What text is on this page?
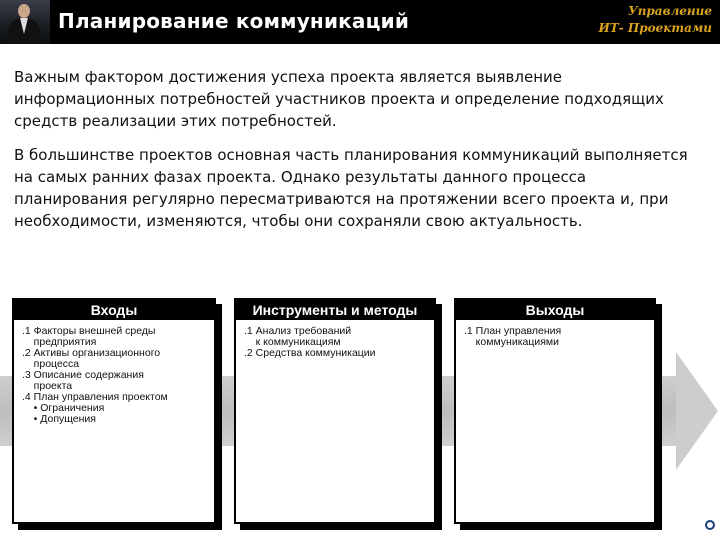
Планирование коммуникаций	Управление
ИТ- Проектами

Важным фактором достижения успеха проекта является выявление информационных потребностей участников проекта и определение подходящих средств реализации этих потребностей.

В большинстве проектов основная часть планирования коммуникаций выполняется на самых ранних фазах проекта. Однако результаты данного процесса планирования регулярно пересматриваются на протяжении всего проекта и, при необходимости, изменяются, чтобы они сохраняли свою актуальность.

Входы
.1 Факторы внешней среды
предприятия
.2 Активы организационного
процесса
.3 Описание содержания
проекта
.4 План управления проектом
• Ограничения
• Допущения
Инструменты и методы
.1 Анализ требований
к коммуникациям
.2 Средства коммуникации
Выходы
.1 План управления
коммуникациями
